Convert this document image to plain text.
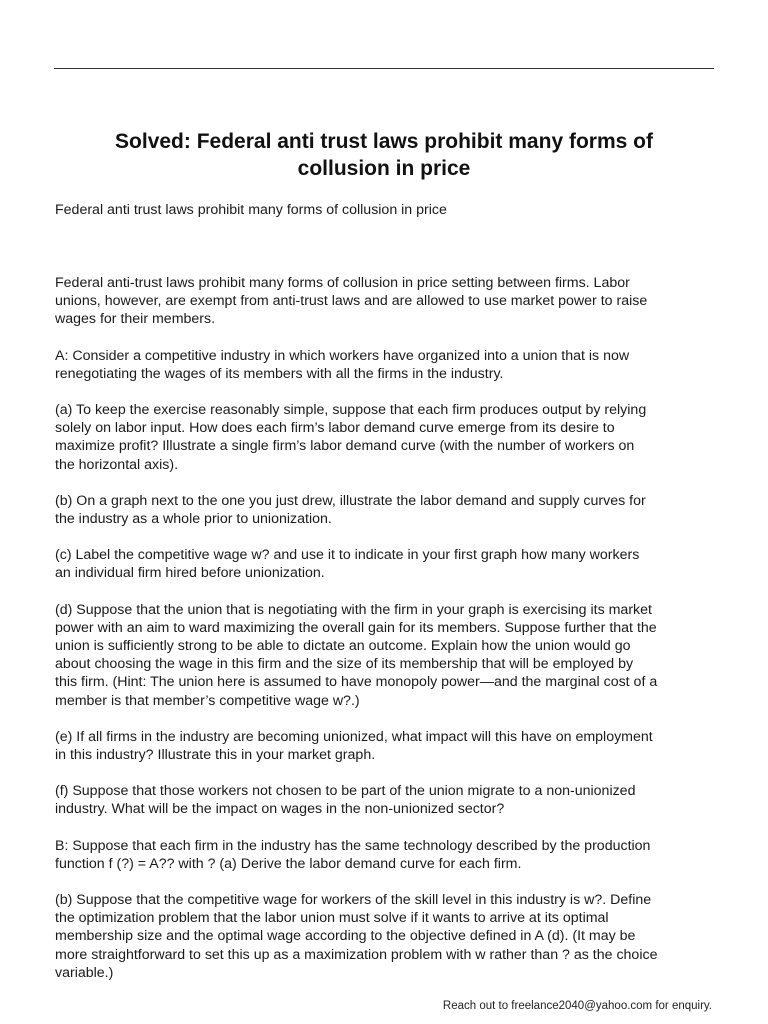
Solved: Federal anti trust laws prohibit many forms of
collusion in price

Federal anti trust laws prohibit many forms of collusion in price

Federal anti-trust laws prohibit many forms of collusion in price setting between firms. Labor
unions, however, are exempt from anti-trust laws and are allowed to use market power to raise
wages for their members.

A: Consider a competitive industry in which workers have organized into a union that is now
renegotiating the wages of its members with all the firms in the industry.

(a) To keep the exercise reasonably simple, suppose that each firm produces output by relying
solely on labor input. How does each firm’s labor demand curve emerge from its desire to
maximize profit? Illustrate a single firm’s labor demand curve (with the number of workers on
the horizontal axis).

(b) On a graph next to the one you just drew, illustrate the labor demand and supply curves for
the industry as a whole prior to unionization.

(c) Label the competitive wage w? and use it to indicate in your first graph how many workers
an individual firm hired before unionization.

(d) Suppose that the union that is negotiating with the firm in your graph is exercising its market
power with an aim to ward maximizing the overall gain for its members. Suppose further that the
union is sufficiently strong to be able to dictate an outcome. Explain how the union would go
about choosing the wage in this firm and the size of its membership that will be employed by
this firm. (Hint: The union here is assumed to have monopoly power—and the marginal cost of a
member is that member’s competitive wage w?.)

(e) If all firms in the industry are becoming unionized, what impact will this have on employment
in this industry? Illustrate this in your market graph.

(f) Suppose that those workers not chosen to be part of the union migrate to a non-unionized
industry. What will be the impact on wages in the non-unionized sector?

B: Suppose that each firm in the industry has the same technology described by the production
function f (?) = A?? with ? (a) Derive the labor demand curve for each firm.

(b) Suppose that the competitive wage for workers of the skill level in this industry is w?. Define
the optimization problem that the labor union must solve if it wants to arrive at its optimal
membership size and the optimal wage according to the objective defined in A (d). (It may be
more straightforward to set this up as a maximization problem with w rather than ? as the choice
variable.)

Reach out to freelance2040@yahoo.com for enquiry.
